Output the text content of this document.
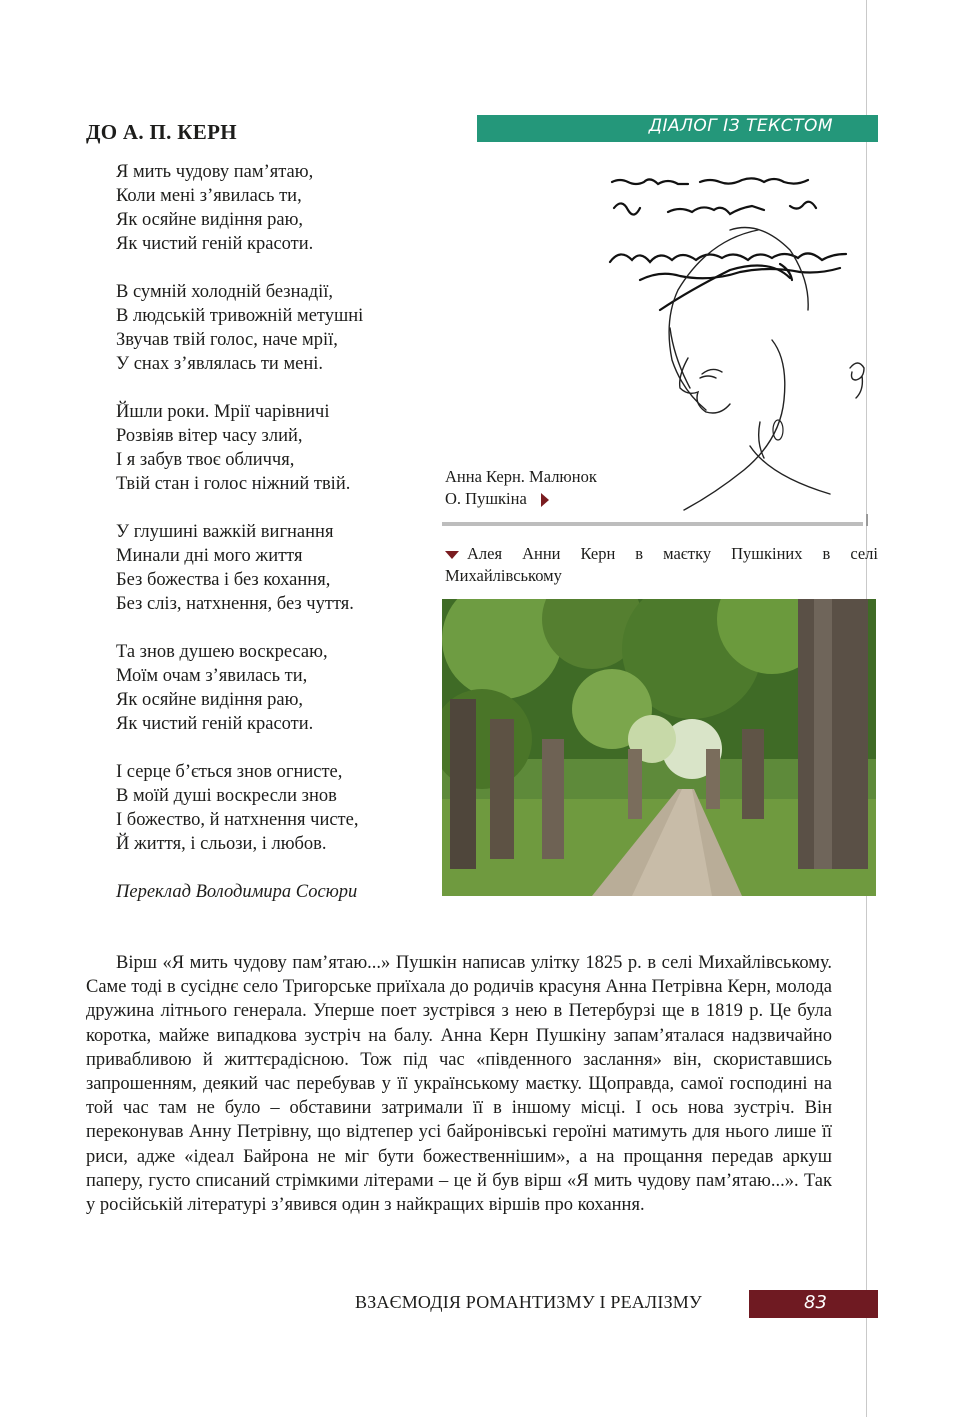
ДО А. П. КЕРН	ДІАЛОГ ІЗ ТЕКСТОМ
Я мить чудову пам’ятаю,
Коли мені з’явилась ти,
Як осяйне видіння раю,
Як чистий геній красоти.
В сумній холодній безнадії,
В людській тривожній метушні
Звучав твій голос, наче мрії,
У снах з’являлась ти мені.
Йшли роки. Мрії чарівничі
Розвіяв вітер часу злий,
І я забув твоє обличчя,
Твій стан і голос ніжний твій.
У глушині важкій вигнання
Минали дні мого життя
Без божества і без кохання,
Без сліз, натхнення, без чуття.
Та знов душею воскресаю,
Моїм очам з’явилась ти,
Як осяйне видіння раю,
Як чистий геній красоти.
І серце б’ється знов огнисте,
В моїй душі воскресли знов
І божество, й натхнення чисте,
Й життя, і сльози, і любов.
Переклад Володимира Сосюри
Анна Керн. Малюнок
О. Пушкіна
Алея Анни Керн в маєтку Пушкіних в селі Михайлівському

Вірш «Я мить чудову пам’ятаю...» Пушкін написав улітку 1825 р. в селі Михайлівському. Саме тоді в сусіднє село Тригорське приїхала до родичів красуня Анна Петрівна Керн, молода дружина літнього генерала. Уперше поет зустрівся з нею в Петербурзі ще в 1819 р. Це була коротка, майже випадкова зустріч на балу. Анна Керн Пушкіну запам’яталася надзвичайно привабливою й життєрадісною. Тож під час «південного заслання» він, скориставшись запрошенням, деякий час перебував у її українському маєтку. Щоправда, самої господині на той час там не було – обставини затримали її в іншому місці. І ось нова зустріч. Він переконував Анну Петрівну, що відтепер усі байронівські героїні матимуть для нього лише її риси, адже «ідеал Байрона не міг бути божественнішим», а на прощання передав аркуш паперу, густо списаний стрімкими літерами – це й був вірш «Я мить чудову пам’ятаю...». Так у російській літературі з’явився один з найкращих віршів про кохання.

ВЗАЄМОДІЯ РОМАНТИЗМУ І РЕАЛІЗМУ	83
